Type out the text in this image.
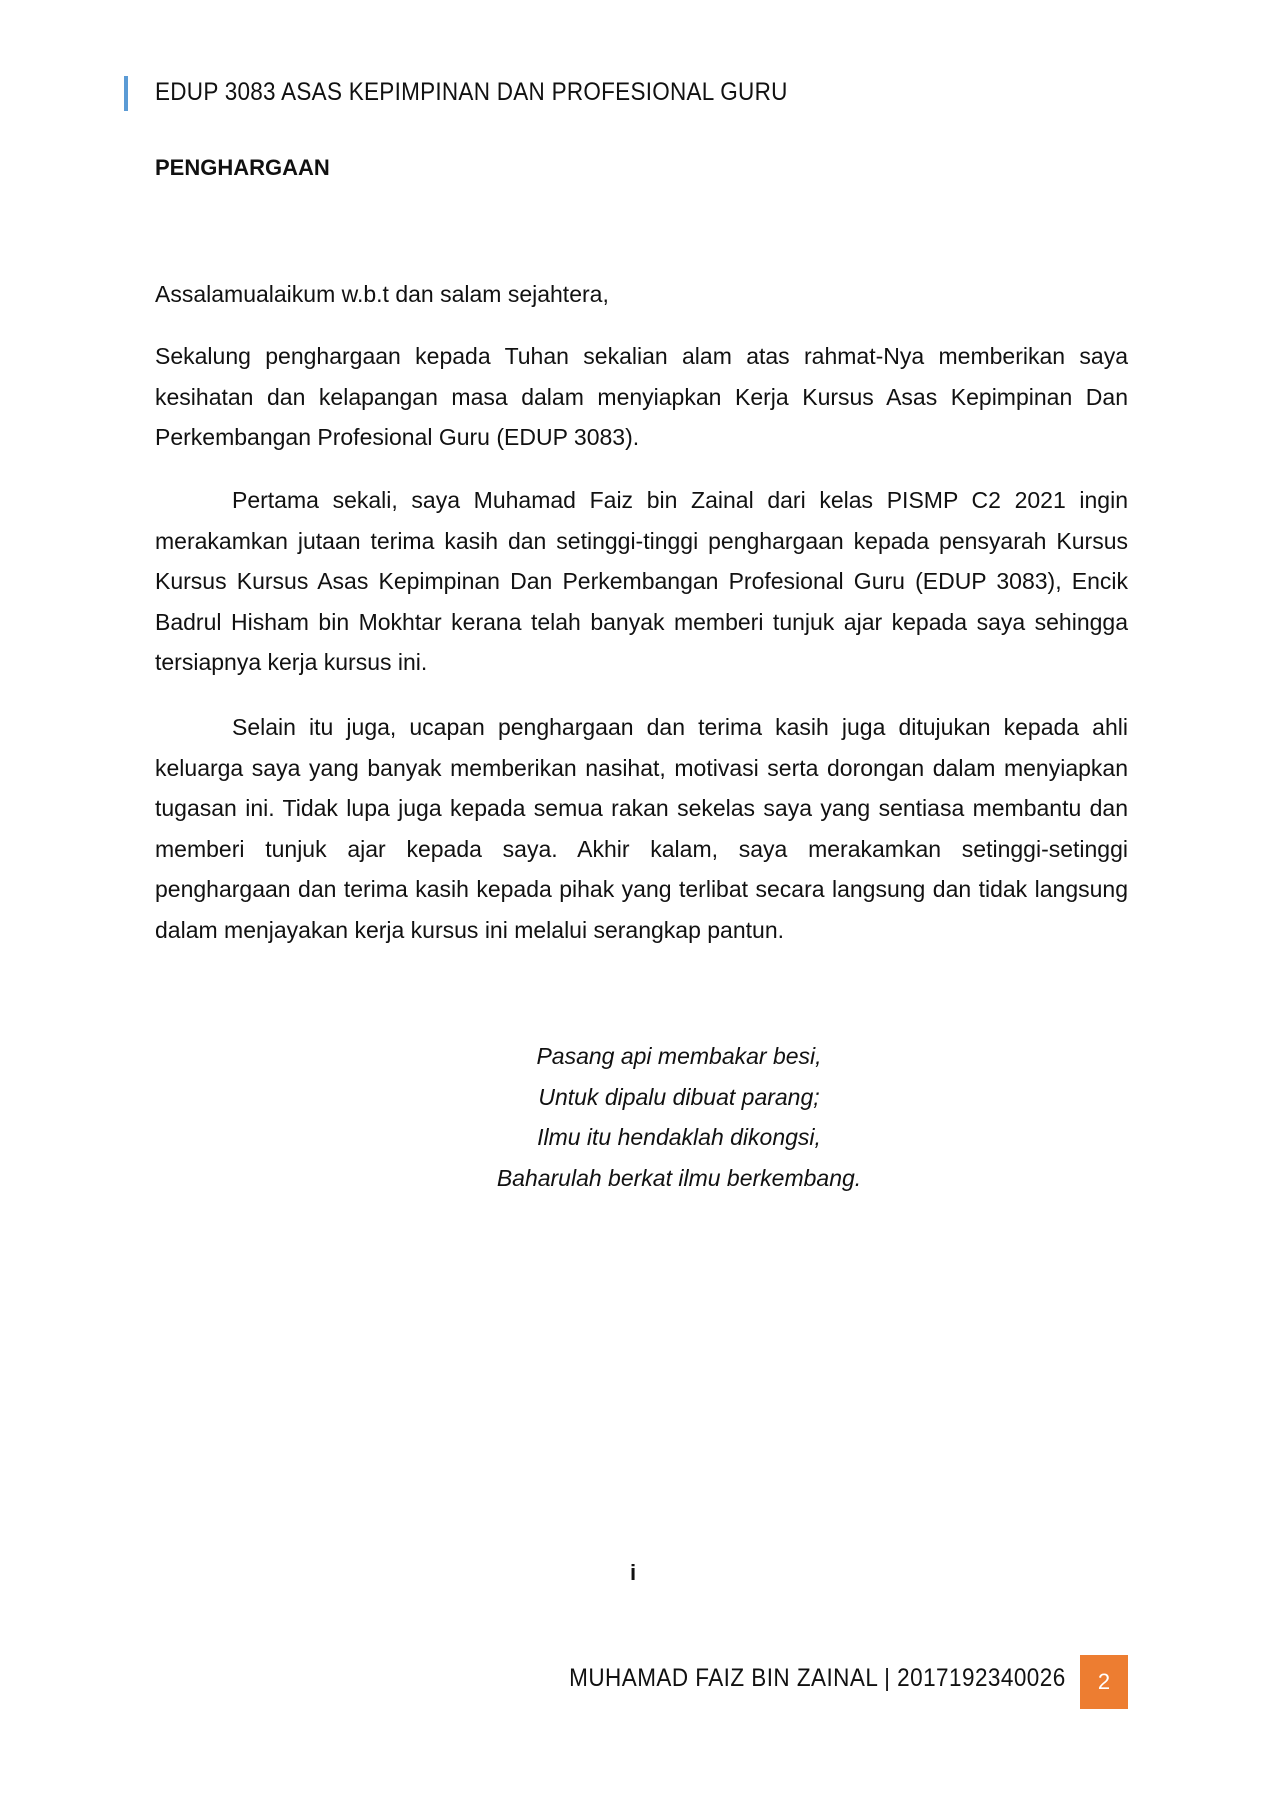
EDUP 3083 ASAS KEPIMPINAN DAN PROFESIONAL GURU
PENGHARGAAN
Assalamualaikum w.b.t dan salam sejahtera,
Sekalung penghargaan kepada Tuhan sekalian alam atas rahmat-Nya memberikan saya
kesihatan dan kelapangan masa dalam menyiapkan Kerja Kursus Asas Kepimpinan Dan
Perkembangan Profesional Guru (EDUP 3083).
Pertama sekali, saya Muhamad Faiz bin Zainal dari kelas PISMP C2 2021 ingin
merakamkan jutaan terima kasih dan setinggi-tinggi penghargaan kepada pensyarah Kursus
Kursus Kursus Asas Kepimpinan Dan Perkembangan Profesional Guru (EDUP 3083), Encik
Badrul Hisham bin Mokhtar kerana telah banyak memberi tunjuk ajar kepada saya sehingga
tersiapnya kerja kursus ini.
Selain itu juga, ucapan penghargaan dan terima kasih juga ditujukan kepada ahli
keluarga saya yang banyak memberikan nasihat, motivasi serta dorongan dalam menyiapkan
tugasan ini. Tidak lupa juga kepada semua rakan sekelas saya yang sentiasa membantu dan
memberi tunjuk ajar kepada saya. Akhir kalam, saya merakamkan setinggi-setinggi
penghargaan dan terima kasih kepada pihak yang terlibat secara langsung dan tidak langsung
dalam menjayakan kerja kursus ini melalui serangkap pantun.
Pasang api membakar besi,
Untuk dipalu dibuat parang;
Ilmu itu hendaklah dikongsi,
Baharulah berkat ilmu berkembang.
i
MUHAMAD FAIZ BIN ZAINAL | 2017192340026 2
